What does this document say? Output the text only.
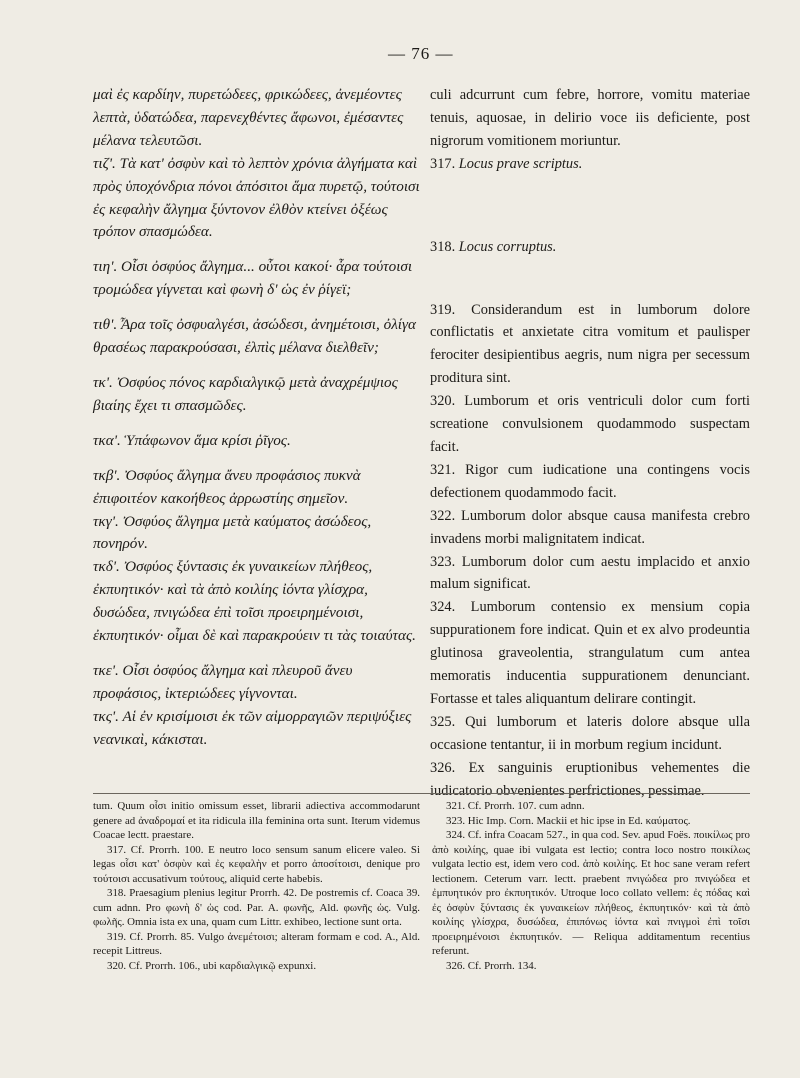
— 76 —

μαὶ ἐς καρδίην, πυρετώδεες, φρικώδεες, ἀνεμέοντες λεπτὰ, ὑδατώδεα, παρενεχθέντες ἄφωνοι, ἐμέσαντες μέλανα τελευτῶσι.

τιζ'. Τὰ κατ' ὀσφὺν καὶ τὸ λεπτὸν χρόνια ἀλγήματα καὶ πρὸς ὑποχόνδρια πόνοι ἀπόσιτοι ἅμα πυρετῷ, τούτοισι ἐς κεφαλὴν ἄλγημα ξύντονον ἐλθὸν κτείνει ὀξέως τρόπον σπασμώδεα.

τιη'. Οἷσι ὀσφύος ἄλγημα... οὗτοι κακοί· ἆρα τούτοισι τρομώδεα γίγνεται καὶ φωνὴ δ' ὡς ἐν ῥίγεϊ;

τιθ'. Ἆρα τοῖς ὀσφυαλγέσι, ἀσώδεσι, ἀνημέτοισι, ὀλίγα θρασέως παρακρούσασι, ἐλπὶς μέλανα διελθεῖν;

τκ'. Ὀσφύος πόνος καρδιαλγικῷ μετὰ ἀναχρέμψιος βιαίης ἔχει τι σπασμῶδες.

τκα'. Ὑπάφωνον ἅμα κρίσι ῥῖγος.

τκβ'. Ὀσφύος ἄλγημα ἄνευ προφάσιος πυκνὰ ἐπιφοιτέον κακοήθεος ἀρρωστίης σημεῖον.

τκγ'. Ὀσφύος ἄλγημα μετὰ καύματος ἀσώδεος, πονηρόν.

τκδ'. Ὀσφύος ξύντασις ἐκ γυναικείων πλήθεος, ἐκπυητικόν· καὶ τὰ ἀπὸ κοιλίης ἰόντα γλίσχρα, δυσώδεα, πνιγώδεα ἐπὶ τοῖσι προειρημένοισι, ἐκπυητικόν· οἶμαι δὲ καὶ παρακρούειν τι τὰς τοιαύτας.

τκε'. Οἷσι ὀσφύος ἄλγημα καὶ πλευροῦ ἄνευ προφάσιος, ἰκτεριώδεες γίγνονται.

τκς'. Αἱ ἐν κρισίμοισι ἐκ τῶν αἱμορραγιῶν περιψύξιες νεανικαὶ, κάκισται.

culi adcurrunt cum febre, horrore, vomitu materiae tenuis, aquosae, in delirio voce iis deficiente, post nigrorum vomitionem moriuntur.

317. Locus prave scriptus.

318. Locus corruptus.

319. Considerandum est in lumborum dolore conflictatis et anxietate citra vomitum et paulisper ferociter desipientibus aegris, num nigra per secessum proditura sint.

320. Lumborum et oris ventriculi dolor cum forti screatione convulsionem quodammodo suspectam facit.

321. Rigor cum iudicatione una contingens vocis defectionem quodammodo facit.

322. Lumborum dolor absque causa manifesta crebro invadens morbi malignitatem indicat.

323. Lumborum dolor cum aestu implacido et anxio malum significat.

324. Lumborum contensio ex mensium copia suppurationem fore indicat. Quin et ex alvo prodeuntia glutinosa graveolentia, strangulatum cum antea memoratis inducentia suppurationem denunciant. Fortasse et tales aliquantum delirare contingit.

325. Qui lumborum et lateris dolore absque ulla occasione tentantur, ii in morbum regium incidunt.

326. Ex sanguinis eruptionibus vehementes die iudicatorio obvenientes perfrictiones, pessimae.

tum. Quum οἷσι initio omissum esset, librarii adiectiva accommodarunt genere ad ἀναδρομαί et ita ridicula illa feminina orta sunt. Iterum videmus Coacae lectt. praestare.

317. Cf. Prorrh. 100. E neutro loco sensum sanum elicere valeo. Si legas οἷσι κατ' ὀσφὺν καὶ ἐς κεφαλὴν et porro ἀποσίτοισι, denique pro τούτοισι accusativum τούτους, aliquid certe habebis.

318. Praesagium plenius legitur Prorrh. 42. De postremis cf. Coaca 39. cum adnn. Pro φωνὴ δ' ὡς cod. Par. A. φωνῆς, Ald. φωνῆς ὡς. Vulg. φωλῆς. Omnia ista ex una, quam cum Littr. exhibeo, lectione sunt orta.

319. Cf. Prorrh. 85. Vulgo ἀνεμέτοισι; alteram formam e cod. A., Ald. recepit Littreus.

320. Cf. Prorrh. 106., ubi καρδιαλγικῷ expunxi.

321. Cf. Prorrh. 107. cum adnn.

323. Hic Imp. Corn. Mackii et hic ipse in Ed. καύματος.

324. Cf. infra Coacam 527., in qua cod. Sev. apud Foës. ποικίλως pro ἀπὸ κοιλίης, quae ibi vulgata est lectio; contra loco nostro ποικίλως vulgata lectio est, idem vero cod. ἀπὸ κοιλίης. Et hoc sane veram refert lectionem. Ceterum varr. lectt. praebent πνιγώδεα pro πνιγώδεα et ἐμπυητικόν pro ἐκπυητικόν. Utroque loco collato vellem: ἐς πόδας καὶ ἐς ὀσφὺν ξύντασις ἐκ γυναικείων πλήθεος, ἐκπυητικόν· καὶ τὰ ἀπὸ κοιλίης γλίσχρα, δυσώδεα, ἐπιπόνως ἰόντα καὶ πνιγμοὶ ἐπὶ τοῖσι προειρημένοισι ἐκπυητικόν. — Reliqua additamentum recentius referunt.

326. Cf. Prorrh. 134.
